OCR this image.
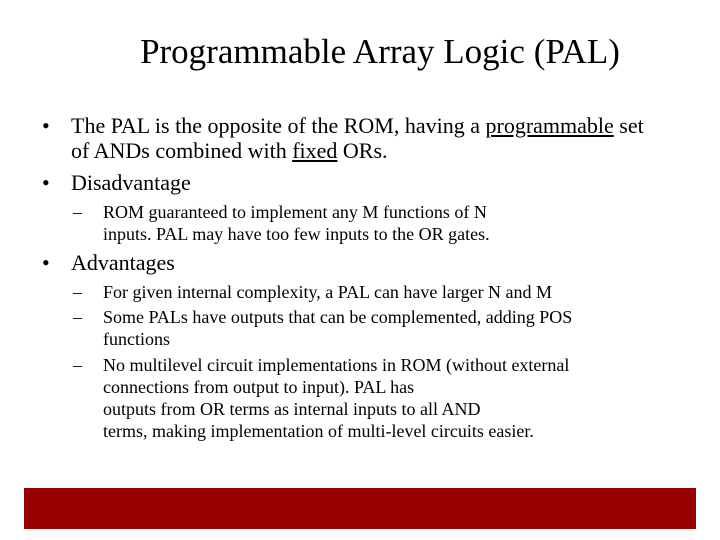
Programmable Array Logic (PAL)
• The PAL is the opposite of the ROM, having a programmable set
of ANDs combined with fixed ORs.
• Disadvantage
– ROM guaranteed to implement any M functions of N
inputs. PAL may have too few inputs to the OR gates.
• Advantages
– For given internal complexity, a PAL can have larger N and M
– Some PALs have outputs that can be complemented, adding POS
functions
– No multilevel circuit implementations in ROM (without external
connections from output to input). PAL has
outputs from OR terms as internal inputs to all AND
terms, making implementation of multi-level circuits easier.
